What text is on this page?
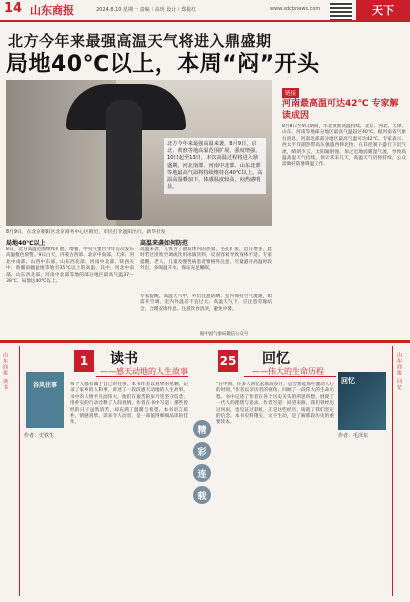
14 山东商报	2024.8.10 星期一 责编｜高玥 设计｜郑振红	www.sdcbnews.com	天下
北方今年来最强高温天气将进入鼎盛期
局地40℃以上，本周“闷”开头
北方今年来最强高温来袭，8月9日，京北、黄淮等地高温范围扩展、强度增强，10日起至13日，本次高温过程将进入鼎盛期，河北南部、河南中北部、山东北部等地最高气温将持续维持在40℃以上。高温高湿叠加下，体感温度较高，闷热感明显。
8月9日，在北京朝阳区北京商务中心区附近，市民打伞遮阳出行。新华社发
局地40℃以上
8日，北方高温范围继续扩展，增强，中央气象台今年首次发布高温橙色预警。9日白天，内蒙古西部、北京中南部、天津、河北中南部、山西中东部、山东西北部、河南中北部、陕西关中、新疆南疆盆地等地有35℃以上的高温，其中，河北中南部、山东西北部、河南中北部等地的部分地区最高气温37～39℃，局地达40℃以上。
高温来袭如何防范
高温来袭，人体为了散发体内的热量，毛孔扩张，出汗增多，此时若过度吹空调或饮用冰镇饮料，反而容易导致身体不适。专家提醒，老人、儿童及慢性病患者要格外注意，尽量避开高温时段外出，多喝温开水，保证充足睡眠。
专家提醒，高温天气中，外出注意防晒；室内保持空气流通，如需开空调，室内外温差不宜过大。高温天气下，应注意劳逸结合，合理安排作息，注意饮食清淡，避免中暑。
据中国气象局微信公众号
链接
河南最高温可达42℃ 专家解读成因
8月8日至9日期间，华北黄淮高温持续，北京、河北、天津、山东、河南等地部分地区最高气温超过40℃。据河南省气象台消息，河南北部部分地区最高气温可达42℃。专家表示，西太平洋副热带高压强盛西伸北抬，在其控制下盛行下沉气流，晴朗少云，太阳辐射强，加之近地面暖湿气流，导致高温高湿天气持续。预计未来几天，高温天气仍将持续，公众需做好防暑降温工作。
山东商报 读书	1	读书
——感天动地的人生故事
谷风往事
作者：史铁生
每个人都有属于自己的往事。本书作者以真挚的笔触，记录了家乡的人和事，讲述了一段段感天动地的人生故事。书中的人物平凡而伟大，他们在艰苦的岁月里坚守信念，用朴实的行动诠释了人间真情。作者在书中写道：那些曾经的日子虽然清苦，却充满了温暖与希望。本书语言质朴，情感真挚，读来令人动容，是一部值得细细品读的佳作。
精
彩
连
载
25 回忆
——伟大的生命历程
回忆
作者：毛泽东
“在中国，许多人回忆起那段岁月，总会想起那些激动人心的时刻。”作者以亲历者的视角，回顾了一段伟大的生命历程。书中记述了作者在各个历史关头的所思所想，展现了一代人的理想与追求。作者写道：回望来路，我们曾经历过风雨，也见证过彩虹，正是这些经历，铸就了我们坚定的信念。本书史料翔实，文字生动，是了解那段历史的重要读本。
山东商报 回忆
